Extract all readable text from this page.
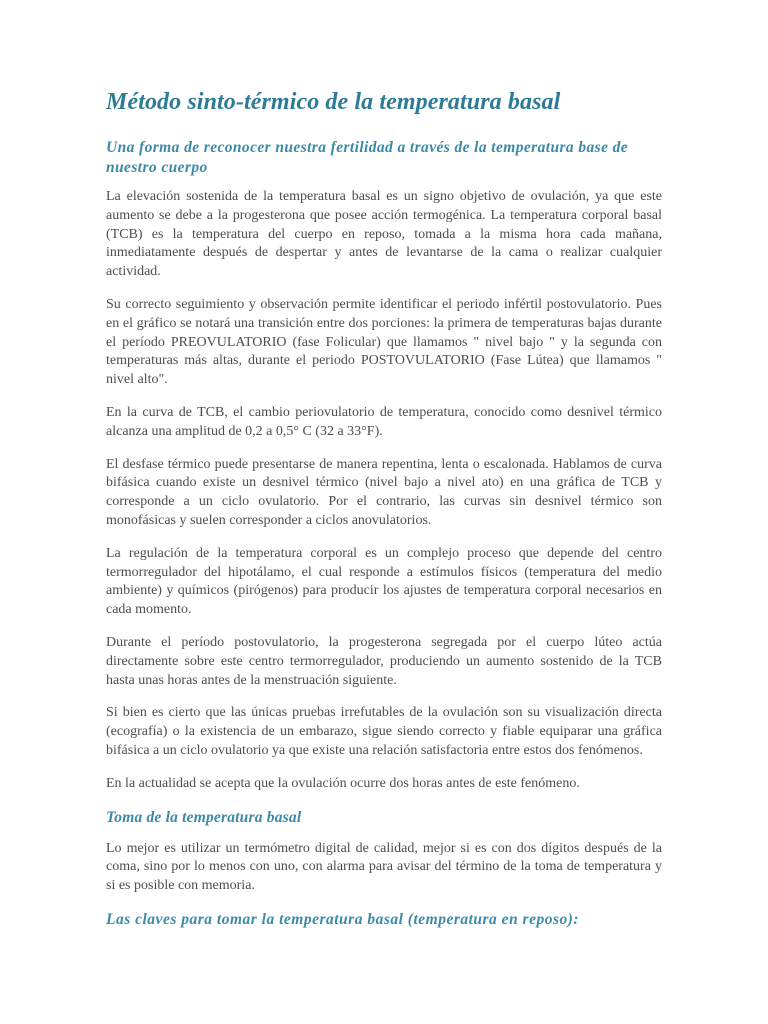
Método sinto-térmico de la temperatura basal
Una forma de reconocer nuestra fertilidad a través de la temperatura base de nuestro cuerpo

La elevación sostenida de la temperatura basal es un signo objetivo de ovulación, ya que este aumento se debe a la progesterona que posee acción termogénica. La temperatura corporal basal (TCB) es la temperatura del cuerpo en reposo, tomada a la misma hora cada mañana, inmediatamente después de despertar y antes de levantarse de la cama o realizar cualquier actividad.

Su correcto seguimiento y observación permite identificar el periodo infértil postovulatorio. Pues en el gráfico se notará una transición entre dos porciones: la primera de temperaturas bajas durante el período PREOVULATORIO (fase Folicular) que llamamos " nivel bajo " y la segunda con temperaturas más altas, durante el periodo POSTOVULATORIO (Fase Lútea) que llamamos " nivel alto".

En la curva de TCB, el cambio periovulatorio de temperatura, conocido como desnivel térmico alcanza una amplitud de 0,2 a 0,5° C (32 a 33°F).

El desfase térmico puede presentarse de manera repentina, lenta o escalonada. Hablamos de curva bifásica cuando existe un desnivel térmico (nivel bajo a nivel ato) en una gráfica de TCB y corresponde a un ciclo ovulatorio. Por el contrario, las curvas sin desnivel térmico son monofásicas y suelen corresponder a ciclos anovulatorios.

La regulación de la temperatura corporal es un complejo proceso que depende del centro termorregulador del hipotálamo, el cual responde a estímulos físicos (temperatura del medio ambiente) y químicos (pirógenos) para producir los ajustes de temperatura corporal necesarios en cada momento.

Durante el período postovulatorio, la progesterona segregada por el cuerpo lúteo actúa directamente sobre este centro termorregulador, produciendo un aumento sostenido de la TCB hasta unas horas antes de la menstruación siguiente.

Si bien es cierto que las únicas pruebas irrefutables de la ovulación son su visualización directa (ecografía) o la existencia de un embarazo, sigue siendo correcto y fiable equiparar una gráfica bifásica a un ciclo ovulatorio ya que existe una relación satisfactoria entre estos dos fenómenos.

En la actualidad se acepta que la ovulación ocurre dos horas antes de este fenómeno.

Toma de la temperatura basal

Lo mejor es utilizar un termómetro digital de calidad, mejor si es con dos dígitos después de la coma, sino por lo menos con uno, con alarma para avisar del término de la toma de temperatura y si es posible con memoria.

Las claves para tomar la temperatura basal (temperatura en reposo):
